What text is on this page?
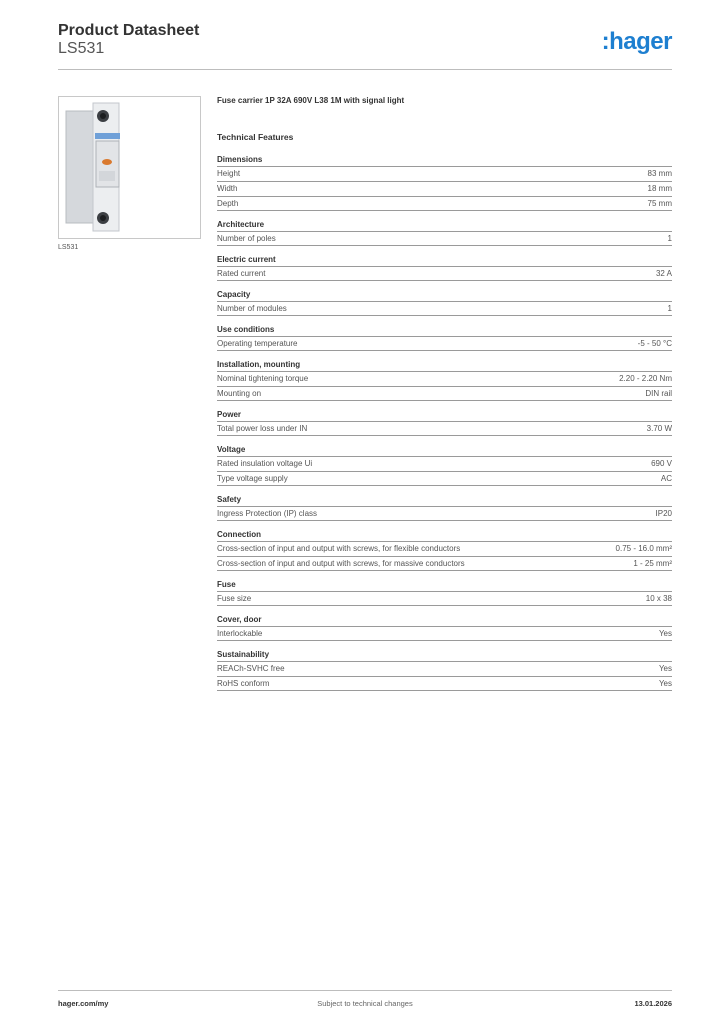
Product Datasheet
LS531	:hager
LS531
Fuse carrier 1P 32A 690V L38 1M with signal light
Technical Features
Dimensions
Height	83 mm
Width	18 mm
Depth	75 mm
Architecture
Number of poles	1
Electric current
Rated current	32 A
Capacity
Number of modules	1
Use conditions
Operating temperature	-5 - 50 °C
Installation, mounting
Nominal tightening torque	2.20 - 2.20 Nm
Mounting on	DIN rail
Power
Total power loss under IN	3.70 W
Voltage
Rated insulation voltage Ui	690 V
Type voltage supply	AC
Safety
Ingress Protection (IP) class	IP20
Connection
Cross-section of input and output with screws, for flexible conductors	0.75 - 16.0 mm²
Cross-section of input and output with screws, for massive conductors	1 - 25 mm²
Fuse
Fuse size	10 x 38
Cover, door
Interlockable	Yes
Sustainability
REACh-SVHC free	Yes
RoHS conform	Yes
hager.com/my	Subject to technical changes	13.01.2026
